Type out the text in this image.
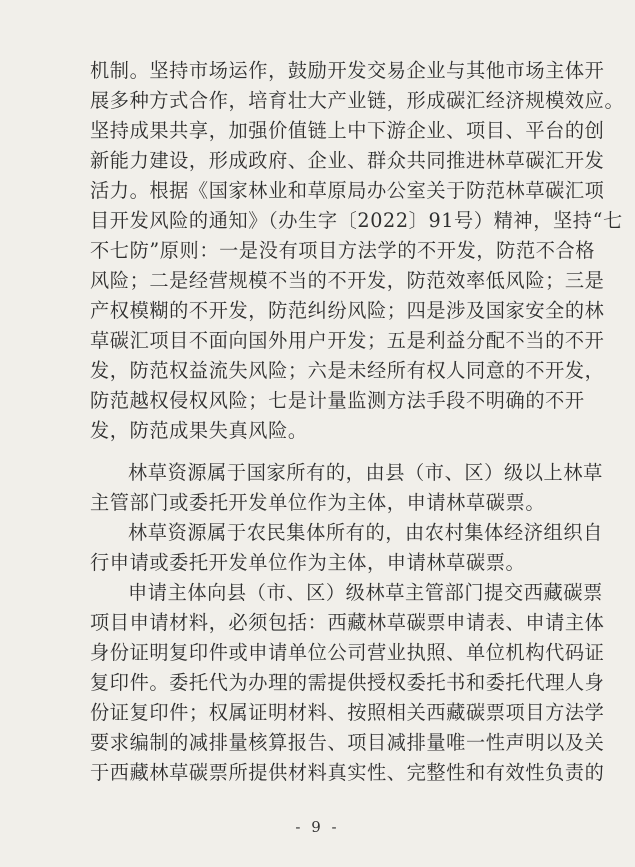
机制。坚持市场运作，鼓励开发交易企业与其他市场主体开
展多种方式合作，培育壮大产业链，形成碳汇经济规模效应。
坚持成果共享，加强价值链上中下游企业、项目、平台的创
新能力建设，形成政府、企业、群众共同推进林草碳汇开发
活力。根据《国家林业和草原局办公室关于防范林草碳汇项
目开发风险的通知》（办生字〔2022〕91号）精神，坚持“七
不七防”原则：一是没有项目方法学的不开发，防范不合格
风险；二是经营规模不当的不开发，防范效率低风险；三是
产权模糊的不开发，防范纠纷风险；四是涉及国家安全的林
草碳汇项目不面向国外用户开发；五是利益分配不当的不开
发，防范权益流失风险；六是未经所有权人同意的不开发，
防范越权侵权风险；七是计量监测方法手段不明确的不开
发，防范成果失真风险。
林草资源属于国家所有的，由县（市、区）级以上林草
主管部门或委托开发单位作为主体，申请林草碳票。
林草资源属于农民集体所有的，由农村集体经济组织自
行申请或委托开发单位作为主体，申请林草碳票。
申请主体向县（市、区）级林草主管部门提交西藏碳票
项目申请材料，必须包括：西藏林草碳票申请表、申请主体
身份证明复印件或申请单位公司营业执照、单位机构代码证
复印件。委托代为办理的需提供授权委托书和委托代理人身
份证复印件；权属证明材料、按照相关西藏碳票项目方法学
要求编制的减排量核算报告、项目减排量唯一性声明以及关
于西藏林草碳票所提供材料真实性、完整性和有效性负责的
- 9 -
